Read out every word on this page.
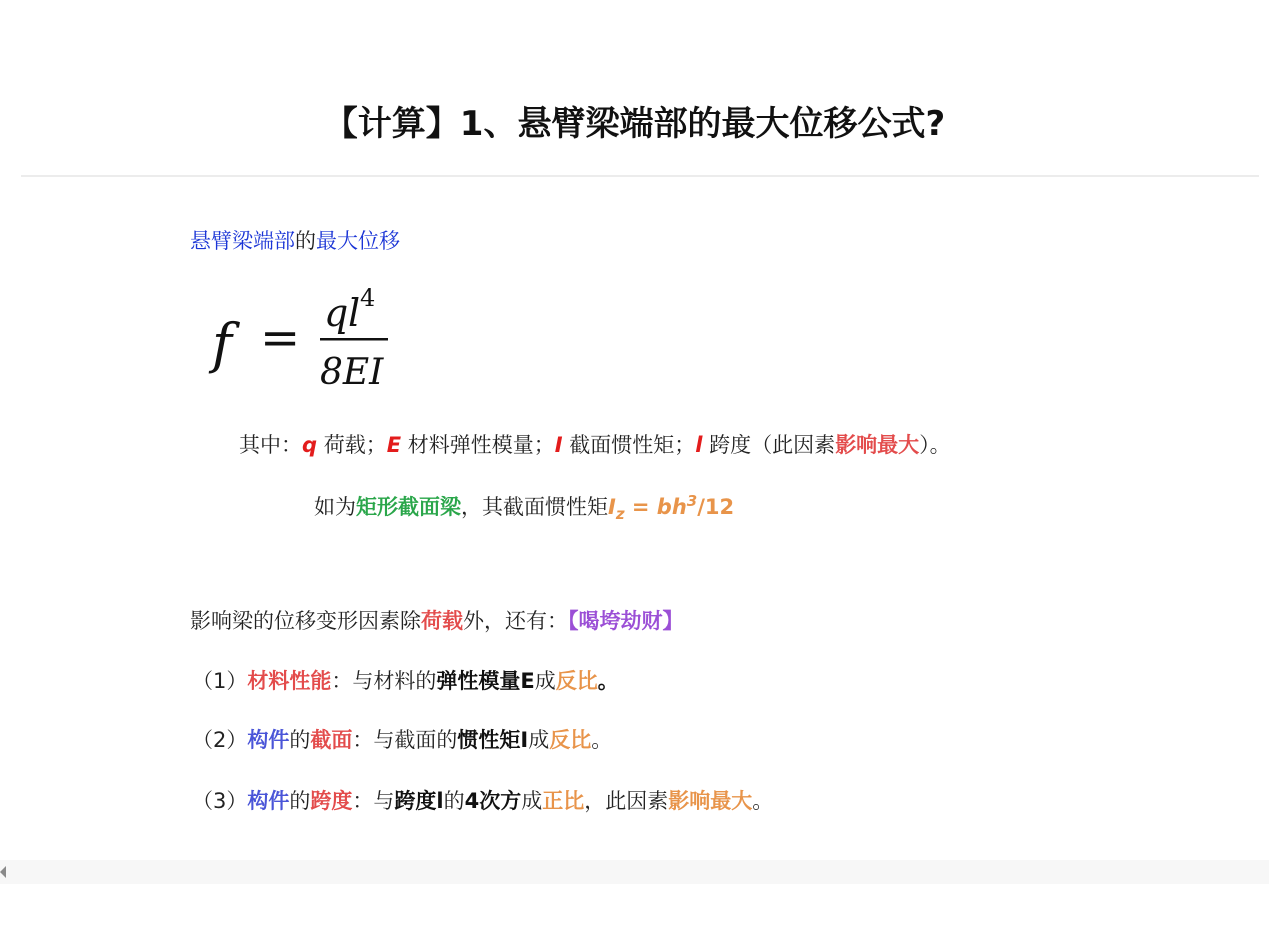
【计算】1、悬臂梁端部的最大位移公式?
悬臂梁端部的最大位移
f = q l 4
8EI
其中：q 荷载；E 材料弹性模量；I 截面惯性矩；l 跨度（此因素影响最大）。
如为矩形截面梁，其截面惯性矩$I_z = bh^3/12$
影响梁的位移变形因素除荷载外，还有：【喝垮劫财】
（1）材料性能：与材料的弹性模量E成反比。
（2）构件的截面：与截面的惯性矩I成反比。
（3）构件的跨度：与跨度l的4次方成正比，此因素影响最大。
